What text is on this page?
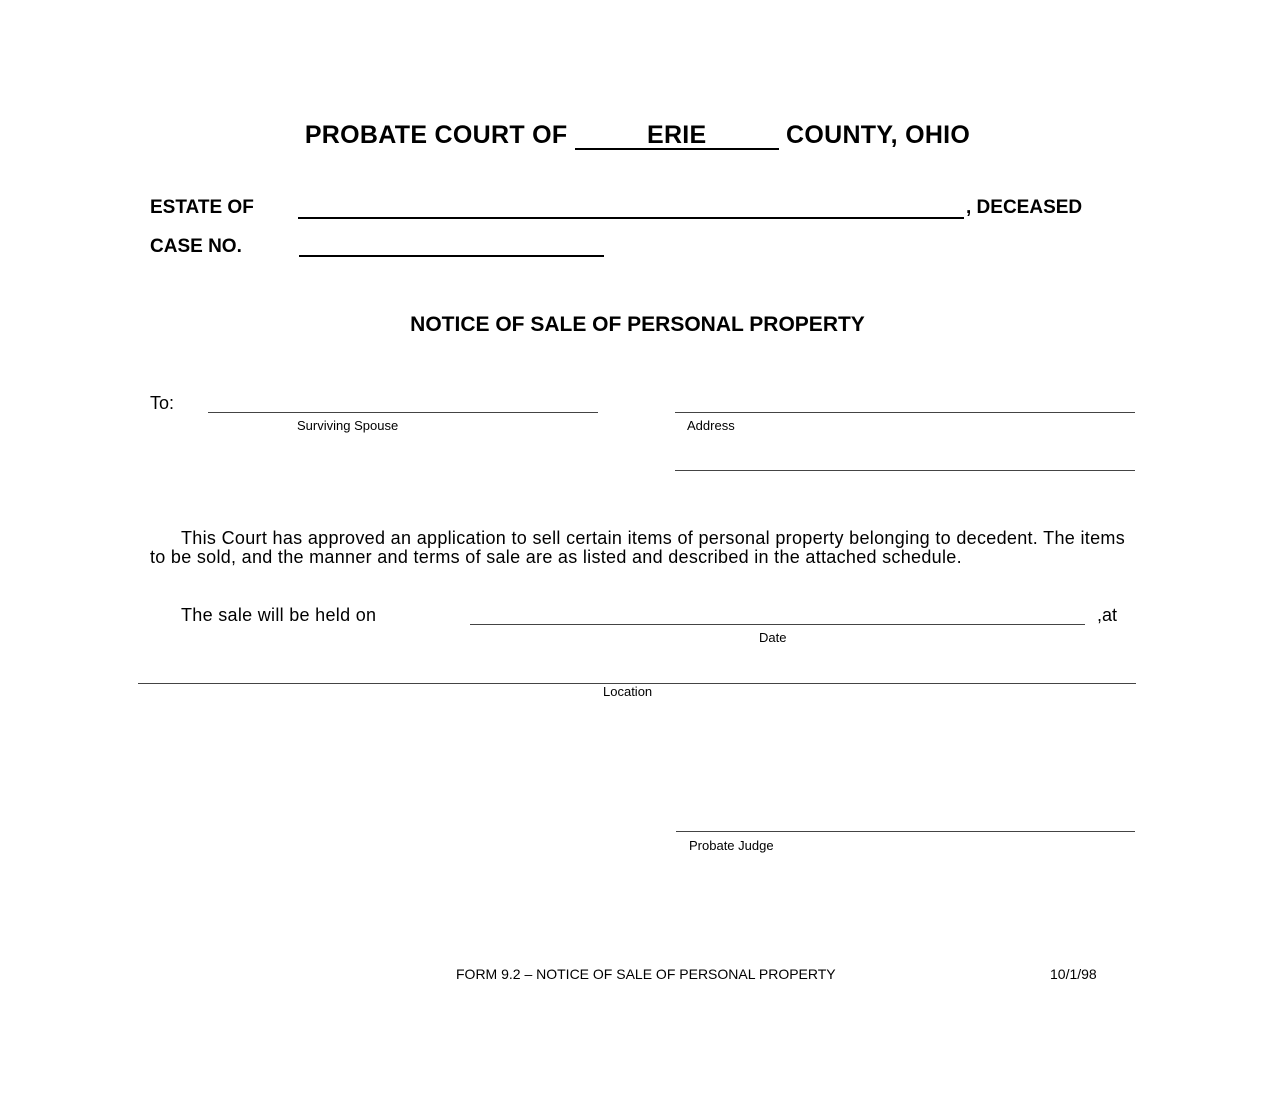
PROBATE COURT OF	ERIE	COUNTY, OHIO
ESTATE OF	, DECEASED
CASE NO.
NOTICE OF SALE OF PERSONAL PROPERTY
To:
Surviving Spouse	Address
This Court has approved an application to sell certain items of personal property belonging to decedent. The items to be sold, and the manner and terms of sale are as listed and described in the attached schedule.
The sale will be held on	,at
Date
Location
Probate Judge
FORM 9.2 – NOTICE OF SALE OF PERSONAL PROPERTY	10/1/98
